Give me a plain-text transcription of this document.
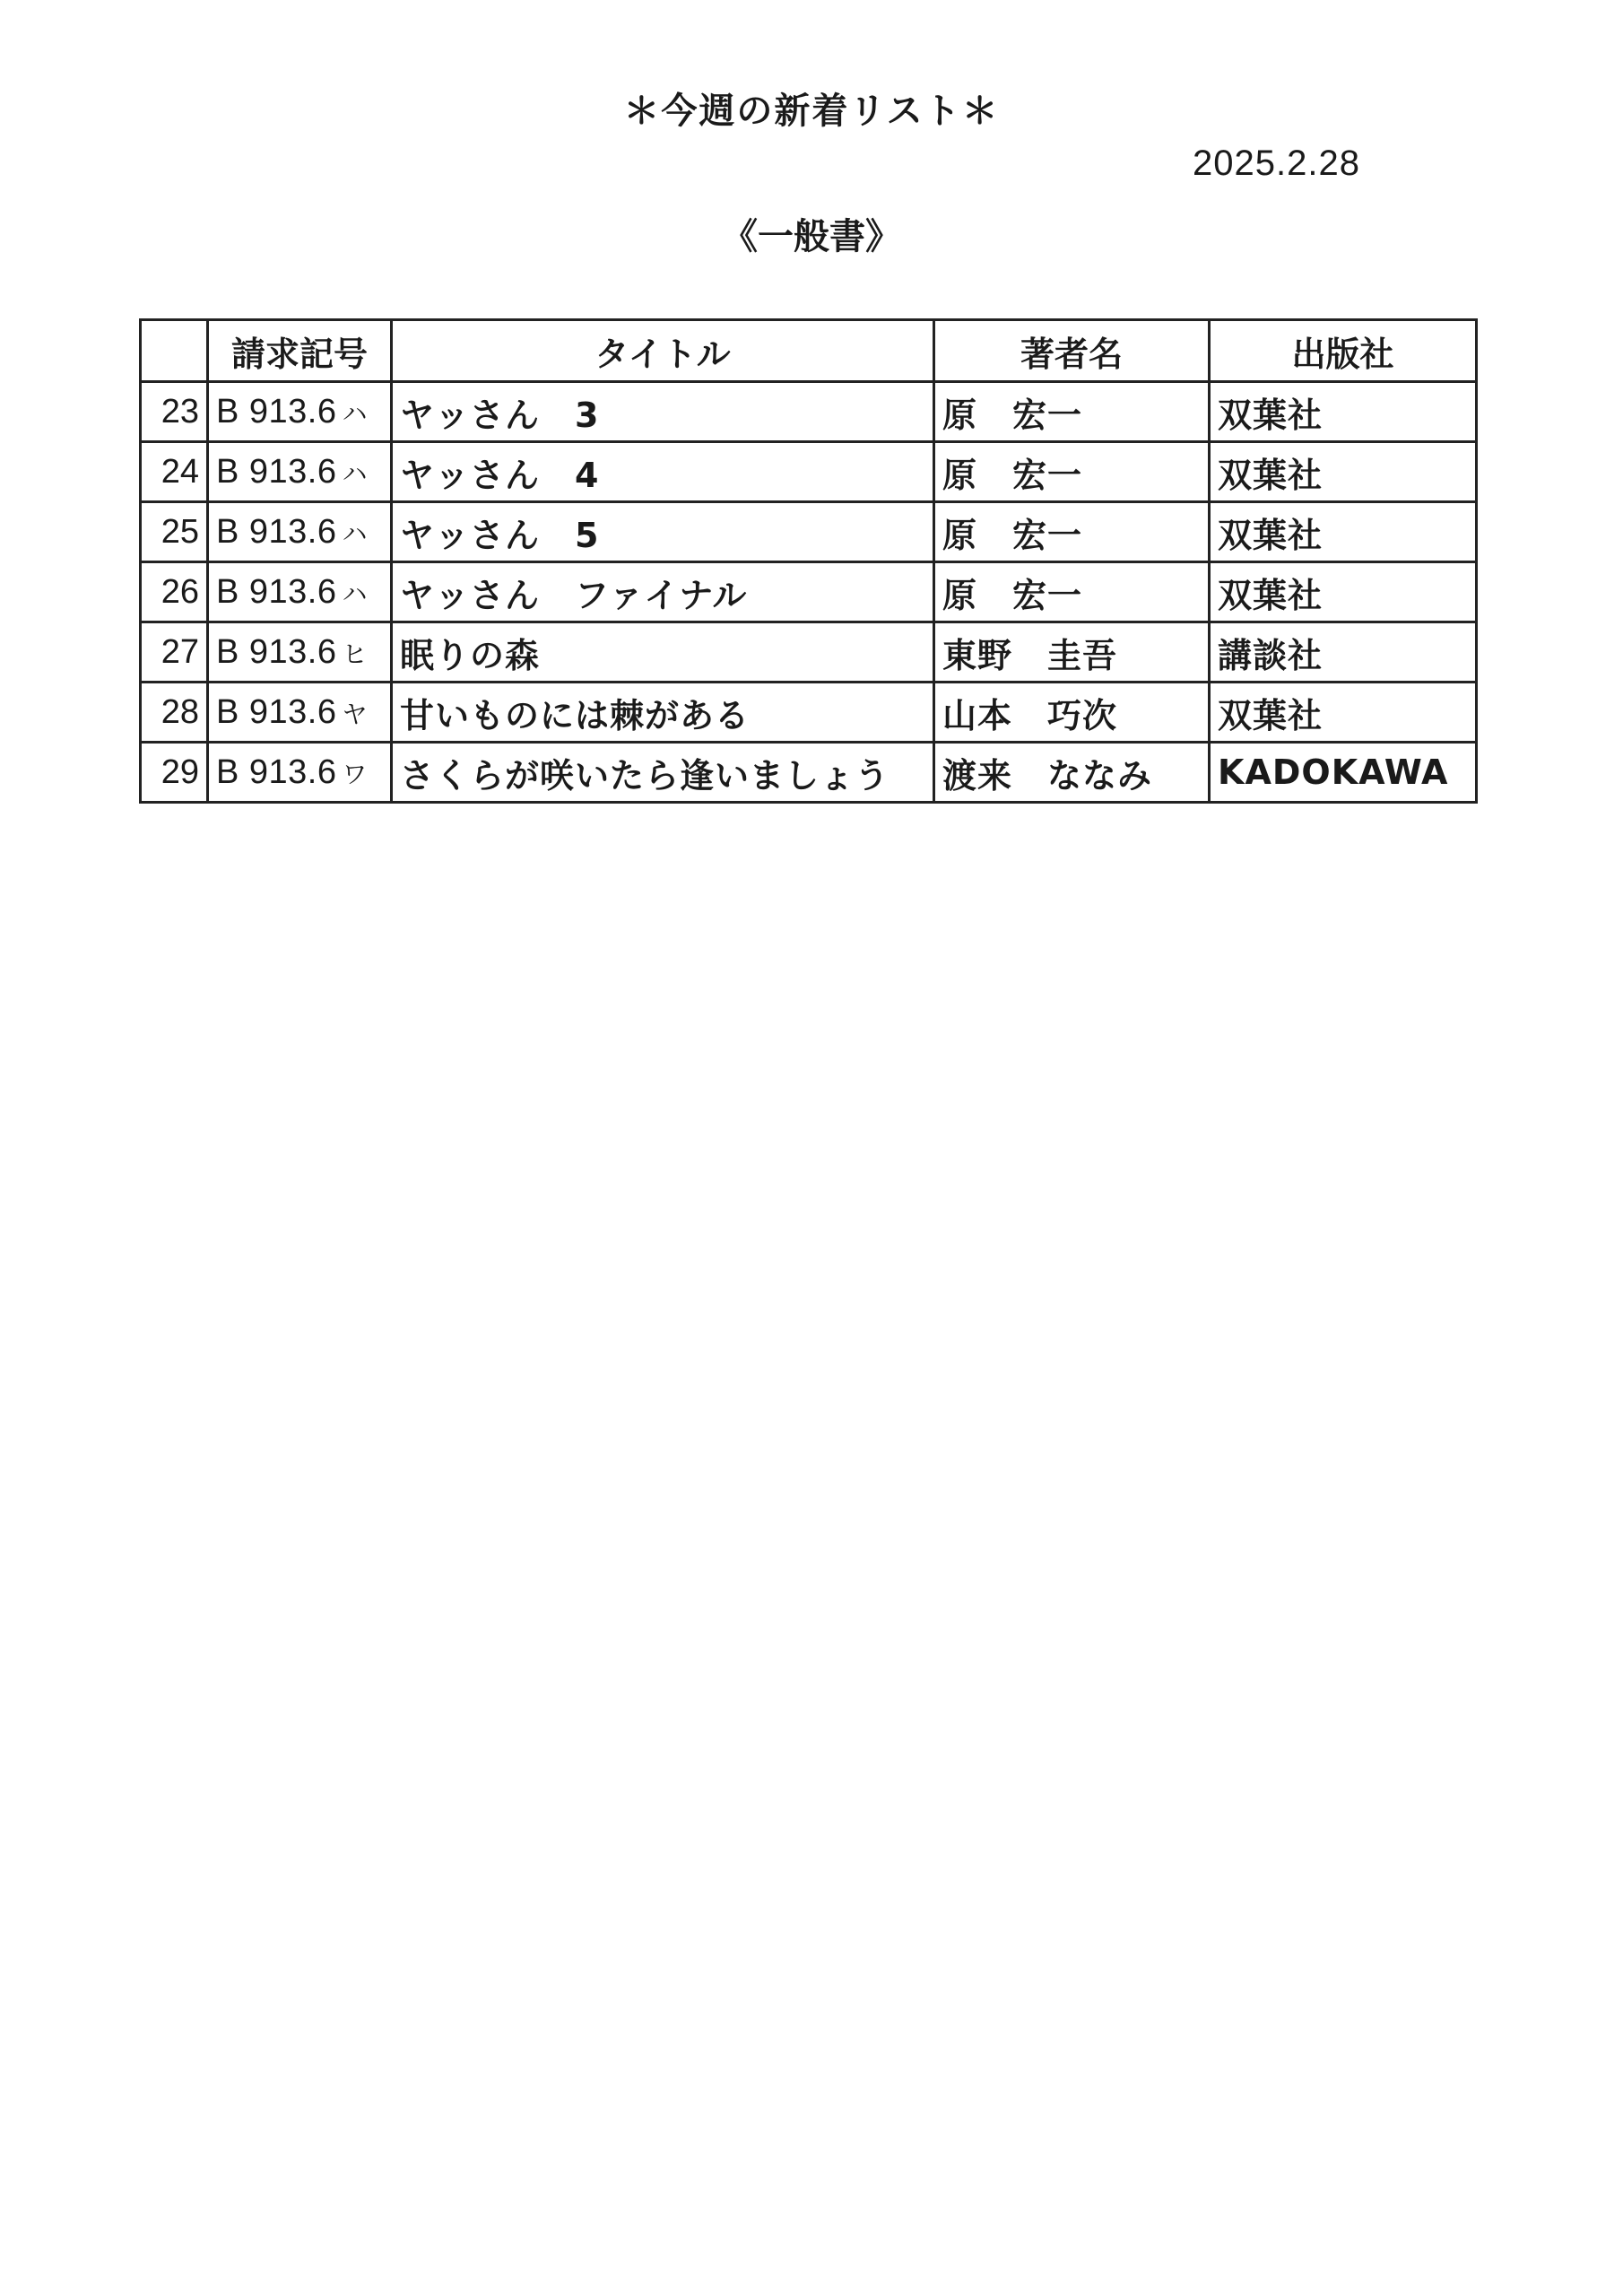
＊今週の新着リスト＊
2025.2.28
《一般書》
	請求記号	タイトル	著者名	出版社
23	B 913.6 ハ	ヤッさん　3	原　宏一	双葉社
24	B 913.6 ハ	ヤッさん　4	原　宏一	双葉社
25	B 913.6 ハ	ヤッさん　5	原　宏一	双葉社
26	B 913.6 ハ	ヤッさん　ファイナル	原　宏一	双葉社
27	B 913.6 ヒ	眠りの森	東野　圭吾	講談社
28	B 913.6 ヤ	甘いものには棘がある	山本　巧次	双葉社
29	B 913.6 ワ	さくらが咲いたら逢いましょう	渡来　ななみ	KADOKAWA
